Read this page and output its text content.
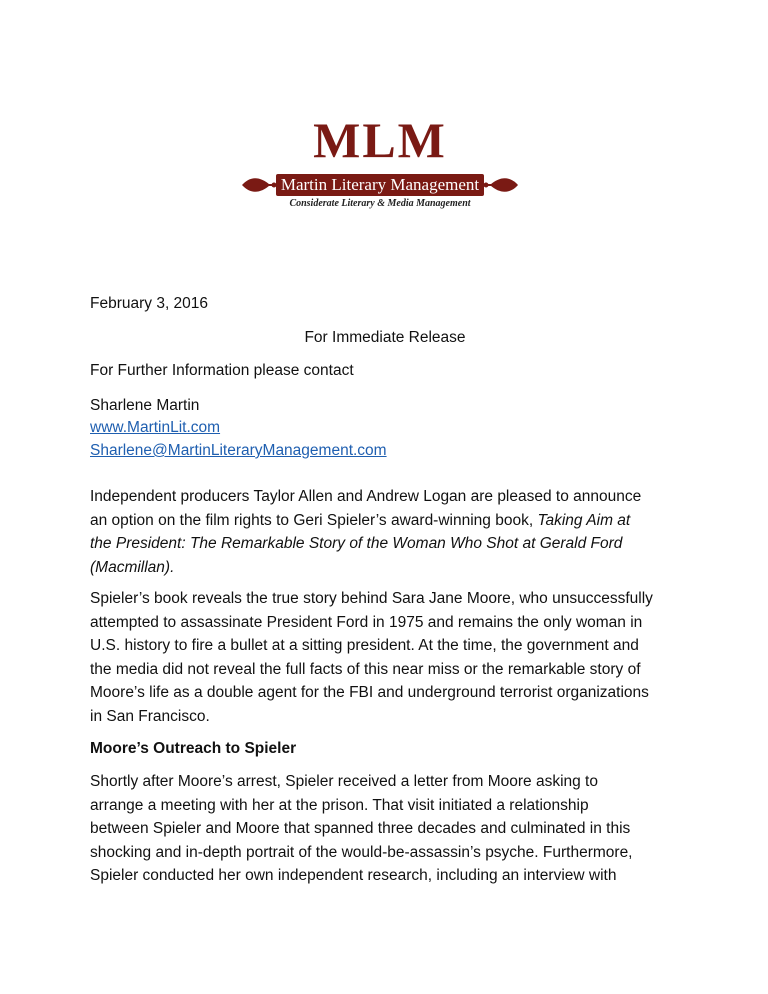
MLM
Martin Literary Management
Considerate Literary & Media Management
February 3, 2016
For Immediate Release
For Further Information please contact
Sharlene Martin
www.MartinLit.com
Sharlene@MartinLiteraryManagement.com

Independent producers Taylor Allen and Andrew Logan are pleased to announce

an option on the film rights to Geri Spieler’s award-winning book, Taking Aim at

the President: The Remarkable Story of the Woman Who Shot at Gerald Ford

(Macmillan).

Spieler’s book reveals the true story behind Sara Jane Moore, who unsuccessfully

attempted to assassinate President Ford in 1975 and remains the only woman in

U.S. history to fire a bullet at a sitting president. At the time, the government and

the media did not reveal the full facts of this near miss or the remarkable story of

Moore’s life as a double agent for the FBI and underground terrorist organizations

in San Francisco.

Moore’s Outreach to Spieler

Shortly after Moore’s arrest, Spieler received a letter from Moore asking to

arrange a meeting with her at the prison. That visit initiated a relationship

between Spieler and Moore that spanned three decades and culminated in this

shocking and in-depth portrait of the would-be-assassin’s psyche. Furthermore,

Spieler conducted her own independent research, including an interview with
